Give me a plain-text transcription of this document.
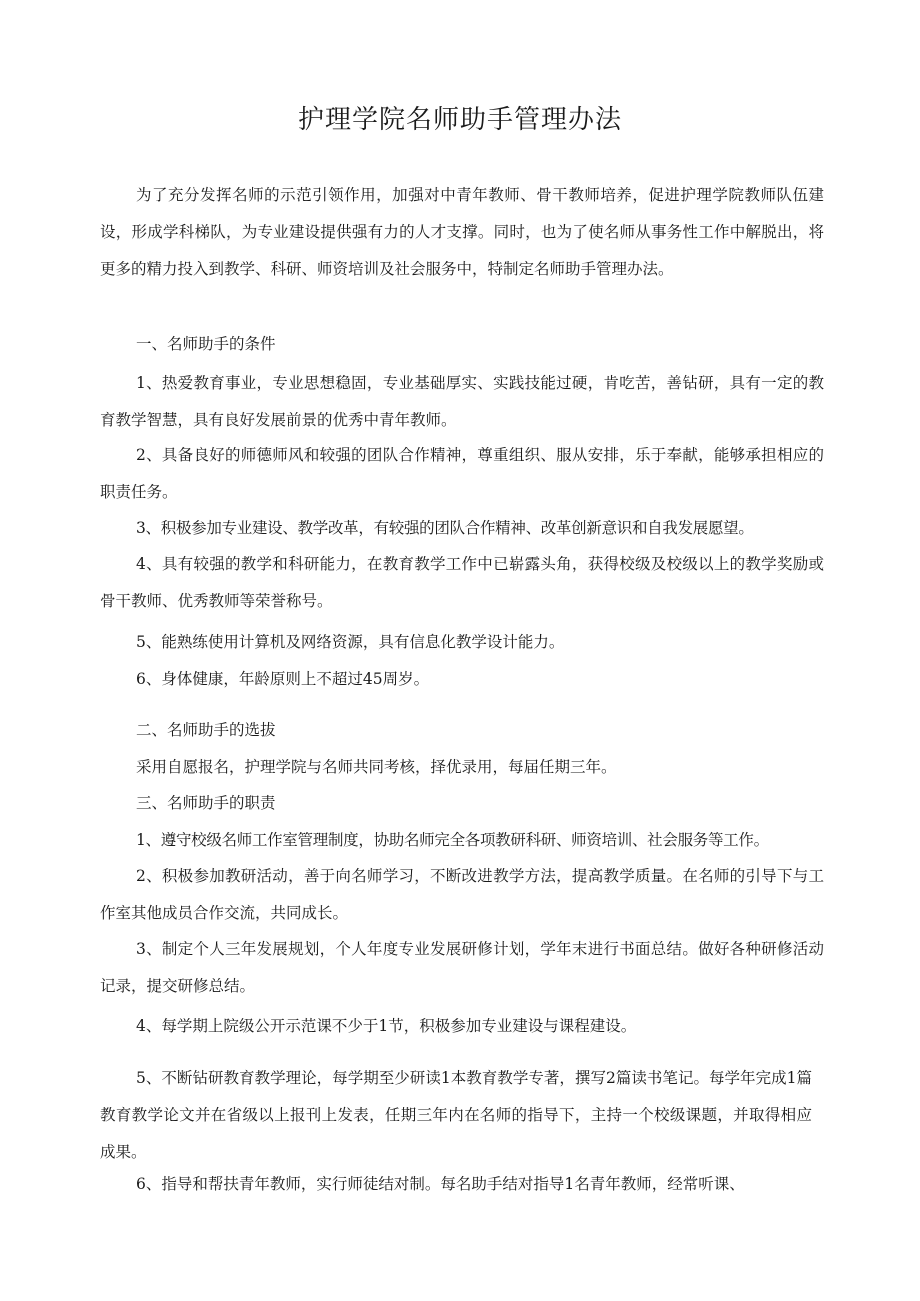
护理学院名师助手管理办法

为了充分发挥名师的示范引领作用，加强对中青年教师、骨干教师培养，促进护理学院教师队伍建设，形成学科梯队，为专业建设提供强有力的人才支撑。同时，也为了使名师从事务性工作中解脱出，将更多的精力投入到教学、科研、师资培训及社会服务中，特制定名师助手管理办法。

一、名师助手的条件

1、热爱教育事业，专业思想稳固，专业基础厚实、实践技能过硬，肯吃苦，善钻研，具有一定的教育教学智慧，具有良好发展前景的优秀中青年教师。

2、具备良好的师德师风和较强的团队合作精神，尊重组织、服从安排，乐于奉献，能够承担相应的职责任务。

3、积极参加专业建设、教学改革，有较强的团队合作精神、改革创新意识和自我发展愿望。

4、具有较强的教学和科研能力，在教育教学工作中已崭露头角，获得校级及校级以上的教学奖励或骨干教师、优秀教师等荣誉称号。

5、能熟练使用计算机及网络资源，具有信息化教学设计能力。

6、身体健康，年龄原则上不超过45周岁。

二、名师助手的选拔

采用自愿报名，护理学院与名师共同考核，择优录用，每届任期三年。

三、名师助手的职责

1、遵守校级名师工作室管理制度，协助名师完全各项教研科研、师资培训、社会服务等工作。

2、积极参加教研活动，善于向名师学习，不断改进教学方法，提高教学质量。在名师的引导下与工作室其他成员合作交流，共同成长。

3、制定个人三年发展规划，个人年度专业发展研修计划，学年末进行书面总结。做好各种研修活动记录，提交研修总结。

4、每学期上院级公开示范课不少于1节，积极参加专业建设与课程建设。

5、不断钻研教育教学理论，每学期至少研读1本教育教学专著，撰写2篇读书笔记。每学年完成1篇教育教学论文并在省级以上报刊上发表，任期三年内在名师的指导下，主持一个校级课题，并取得相应成果。

6、指导和帮扶青年教师，实行师徒结对制。每名助手结对指导1名青年教师，经常听课、
